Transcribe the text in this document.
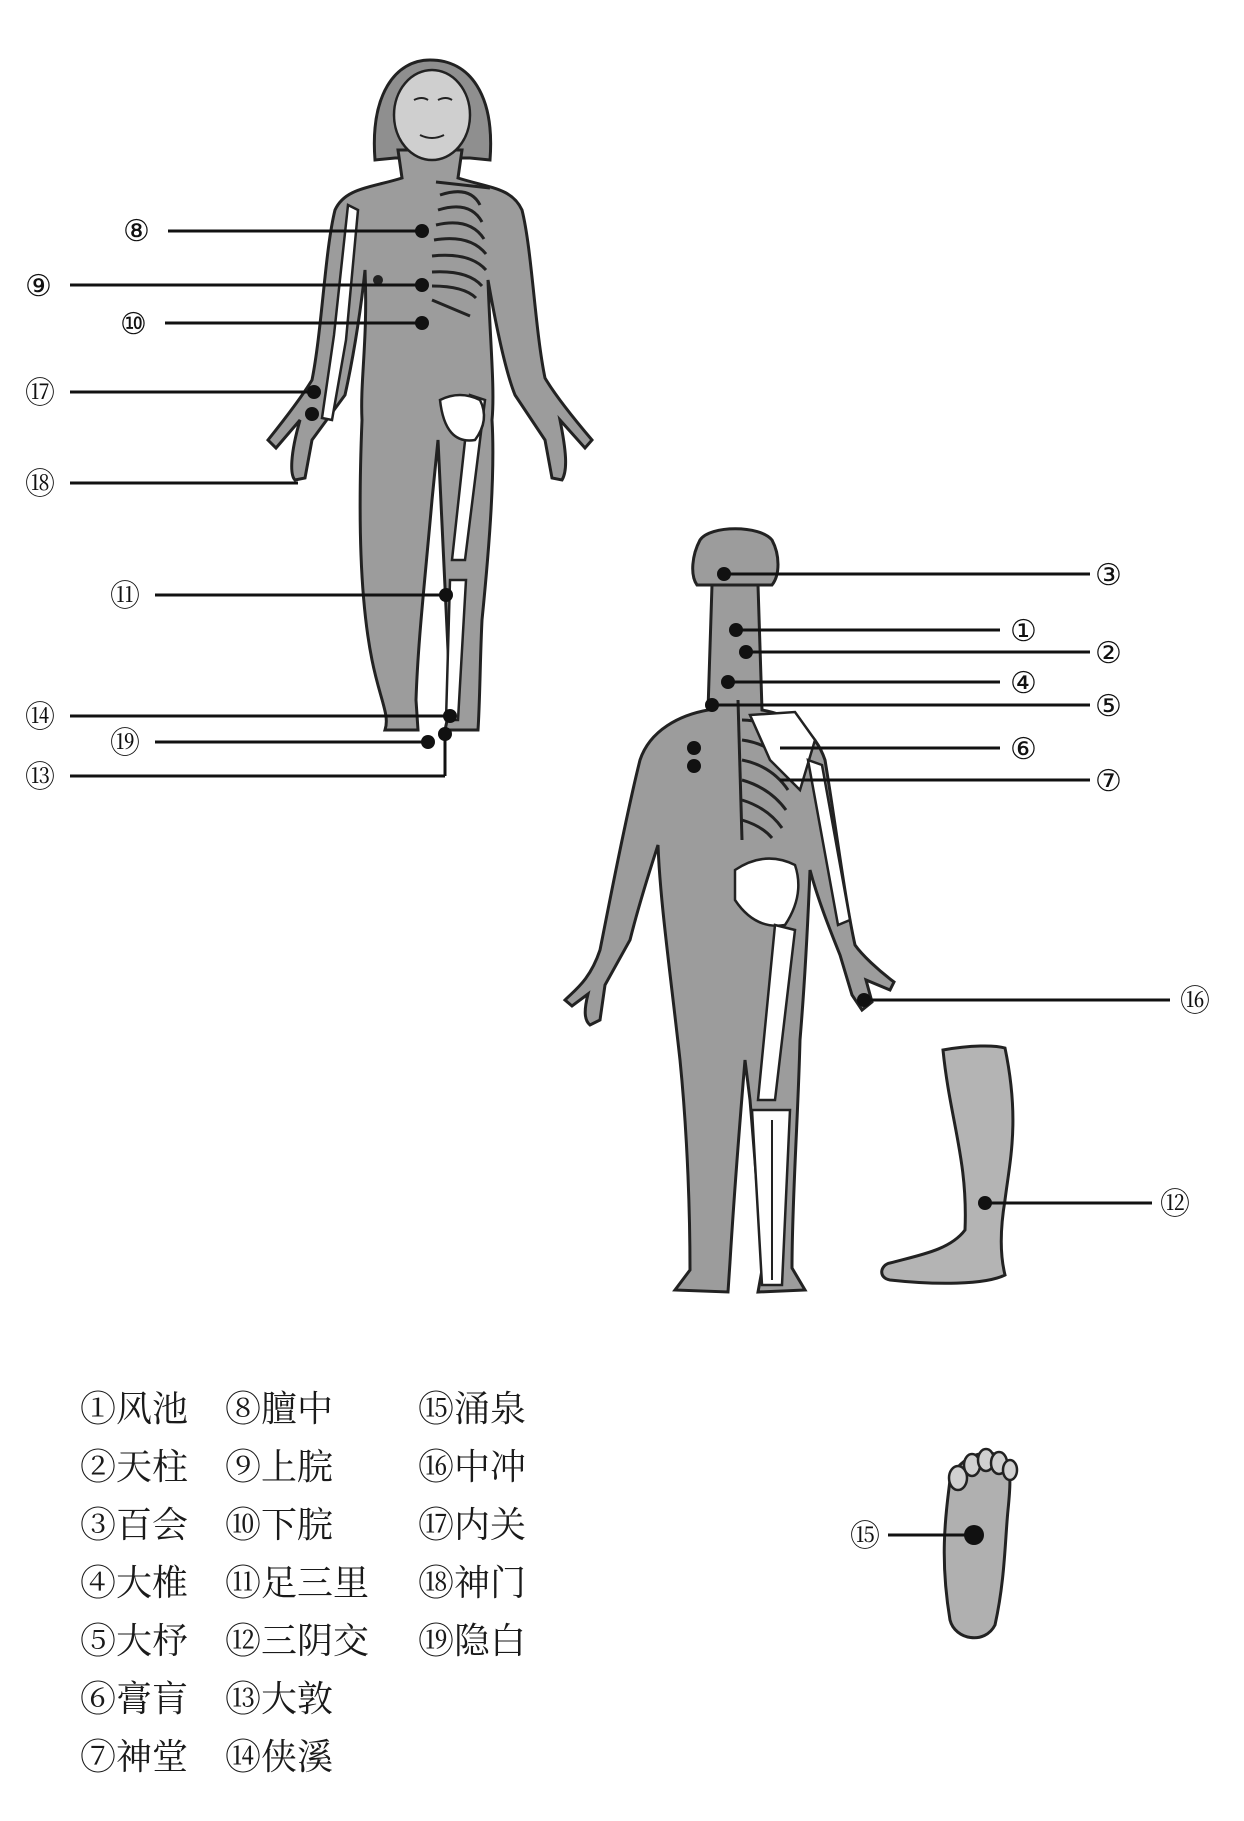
⑧
⑨
⑩
⑰
⑱
⑪
⑭
⑲
⑬
③
①
②
④
⑤
⑥
⑦
⑯
⑫
⑮
①风池
②天柱
③百会
④大椎
⑤大杼
⑥膏肓
⑦神堂
⑧膻中
⑨上脘
⑩下脘
⑪足三里
⑫三阴交
⑬大敦
⑭侠溪
⑮涌泉
⑯中冲
⑰内关
⑱神门
⑲隐白
